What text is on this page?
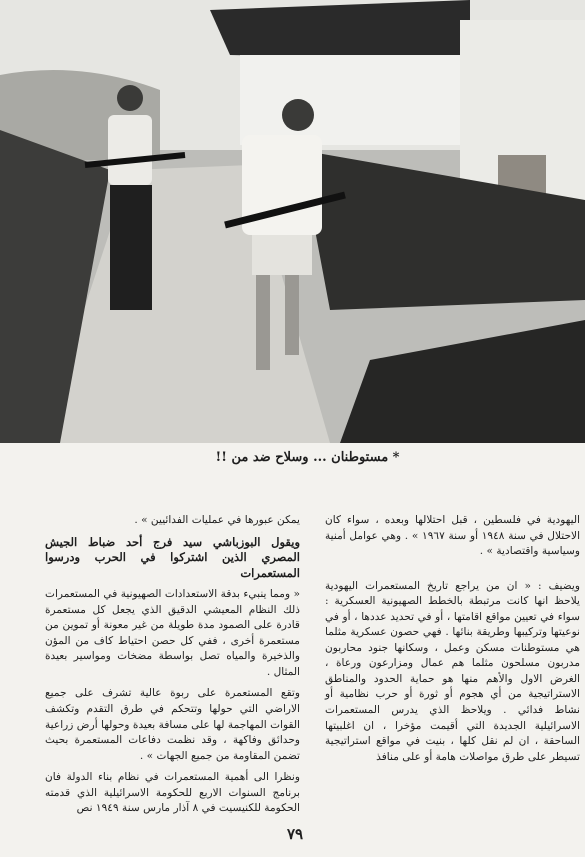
* مستوطنان ... وسلاح ضد من !!

اليهودية في فلسطين ، قبل احتلالها وبعده ، سواء كان الاحتلال في سنة ١٩٤٨ أو سنة ١٩٦٧ » . وهي عوامل أمنية وسياسية واقتصادية » .

ويضيف : « ان من يراجع تاريخ المستعمرات اليهودية يلاحظ انها كانت مرتبطة بالخطط الصهيونية العسكرية : سواء في تعيين مواقع اقامتها ، أو في تحديد عددها ، أو في نوعيتها وتركيبها وطريقة بنائها . فهي حصون عسكرية مثلما هي مستوطنات مسكن وعمل ، وسكانها جنود محاربون مدربون مسلحون مثلما هم عمال ومزارعون ورعاة ، الغرض الاول والأهم منها هو حماية الحدود والمناطق الاستراتيجية من أي هجوم أو ثورة أو حرب نظامية أو نشاط فدائي . ويلاحظ الذي يدرس المستعمرات الاسرائيلية الجديدة التي أقيمت مؤخرا ، ان اغلبيتها الساحقة ، ان لم نقل كلها ، بنيت في مواقع استراتيجية تسيطر على طرق مواصلات هامة أو على منافذ

يمكن عبورها في عمليات الفدائيين » .

ويقول البوزباشي سيد فرج أحد ضباط الجيش المصري الذين اشتركوا في الحرب ودرسوا المستعمرات

« ومما ينبيء بدقة الاستعدادات الصهيونية في المستعمرات ذلك النظام المعيشي الدقيق الذي يجعل كل مستعمرة قادرة على الصمود مدة طويلة من غير معونة أو تموين من مستعمرة أخرى ، ففي كل حصن احتياط كاف من المؤن والذخيرة والمياه تصل بواسطة مضخات ومواسير بعيدة المثال .

وتقع المستعمرة على ربوة عالية تشرف على جميع الاراضي التي حولها وتتحكم في طرق التقدم وتكشف القوات المهاجمة لها على مسافة بعيدة وحولها أرض زراعية وحدائق وفاكهة ، وقد نظمت دفاعات المستعمرة بحيث تضمن المقاومة من جميع الجهات » .

ونظرا الى أهمية المستعمرات في نظام بناء الدولة فان برنامج السنوات الاربع للحكومة الاسرائيلية الذي قدمته الحكومة للكنيسيت في ٨ آذار مارس سنة ١٩٤٩ نص

٧٩
